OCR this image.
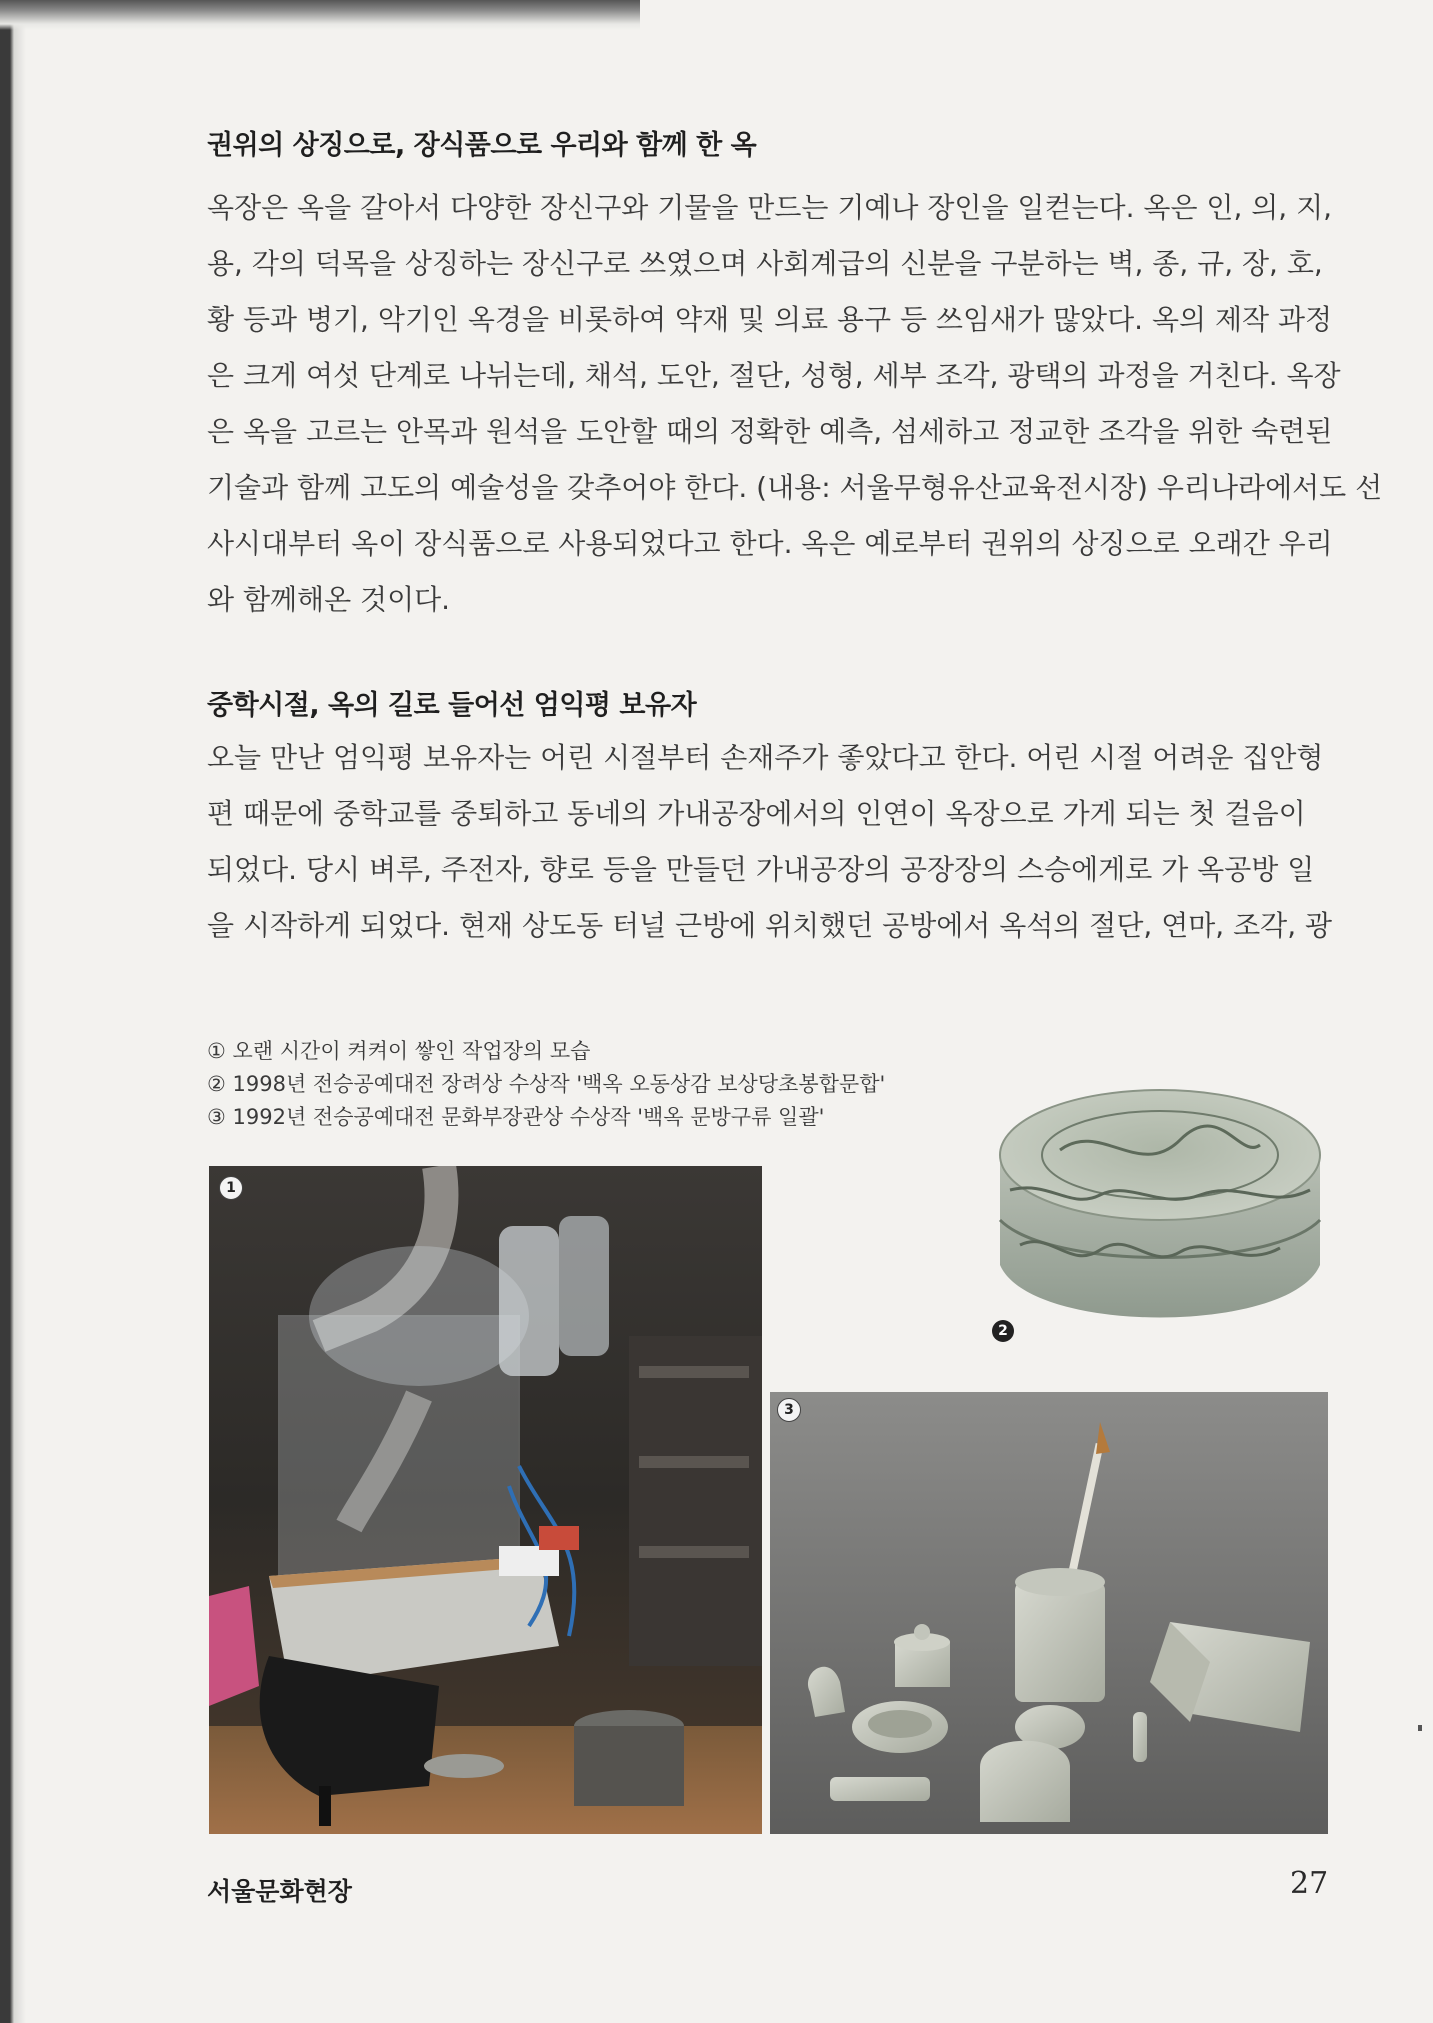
권위의 상징으로, 장식품으로 우리와 함께 한 옥
옥장은 옥을 갈아서 다양한 장신구와 기물을 만드는 기예나 장인을 일컫는다. 옥은 인, 의, 지,
용, 각의 덕목을 상징하는 장신구로 쓰였으며 사회계급의 신분을 구분하는 벽, 종, 규, 장, 호,
황 등과 병기, 악기인 옥경을 비롯하여 약재 및 의료 용구 등 쓰임새가 많았다. 옥의 제작 과정
은 크게 여섯 단계로 나뉘는데, 채석, 도안, 절단, 성형, 세부 조각, 광택의 과정을 거친다. 옥장
은 옥을 고르는 안목과 원석을 도안할 때의 정확한 예측, 섬세하고 정교한 조각을 위한 숙련된
기술과 함께 고도의 예술성을 갖추어야 한다. (내용: 서울무형유산교육전시장) 우리나라에서도 선
사시대부터 옥이 장식품으로 사용되었다고 한다. 옥은 예로부터 권위의 상징으로 오래간 우리
와 함께해온 것이다.
중학시절, 옥의 길로 들어선 엄익평 보유자
오늘 만난 엄익평 보유자는 어린 시절부터 손재주가 좋았다고 한다. 어린 시절 어려운 집안형
편 때문에 중학교를 중퇴하고 동네의 가내공장에서의 인연이 옥장으로 가게 되는 첫 걸음이
되었다. 당시 벼루, 주전자, 향로 등을 만들던 가내공장의 공장장의 스승에게로 가 옥공방 일
을 시작하게 되었다. 현재 상도동 터널 근방에 위치했던 공방에서 옥석의 절단, 연마, 조각, 광
① 오랜 시간이 켜켜이 쌓인 작업장의 모습
② 1998년 전승공예대전 장려상 수상작 '백옥 오동상감 보상당초봉합문합'
③ 1992년 전승공예대전 문화부장관상 수상작 '백옥 문방구류 일괄'
1
2
3
서울문화현장	27
